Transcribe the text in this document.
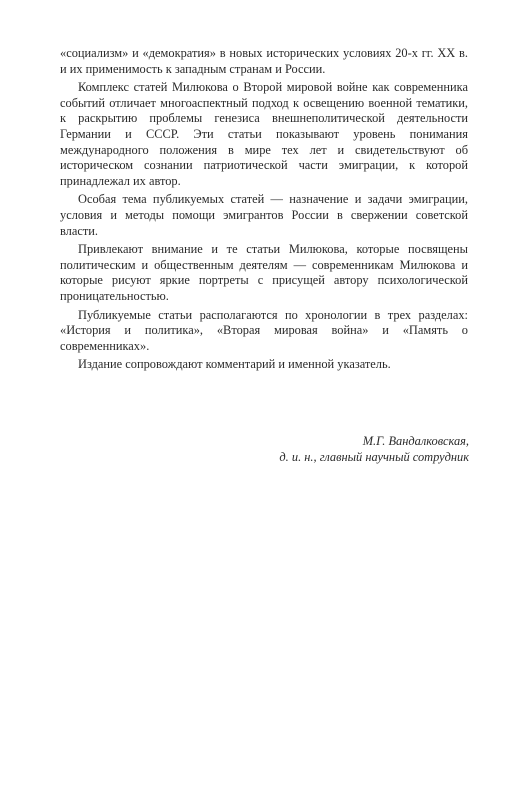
«социализм» и «демократия» в новых исторических условиях 20-х гг. XX в. и их применимость к западным странам и России.

Комплекс статей Милюкова о Второй мировой войне как современника событий отличает многоаспектный подход к освещению военной тематики, к раскрытию проблемы генезиса внешнеполитической деятельности Германии и СССР. Эти статьи показывают уровень понимания международного положения в мире тех лет и свидетельствуют об историческом сознании патриотической части эмиграции, к которой принадлежал их автор.

Особая тема публикуемых статей — назначение и задачи эмиграции, условия и методы помощи эмигрантов России в свержении советской власти.

Привлекают внимание и те статьи Милюкова, которые посвящены политическим и общественным деятелям — современникам Милюкова и которые рисуют яркие портреты с присущей автору психологической проницательностью.

Публикуемые статьи располагаются по хронологии в трех разделах: «История и политика», «Вторая мировая война» и «Память о современниках».

Издание сопровождают комментарий и именной указатель.

М.Г. Вандалковская,
д. и. н., главный научный сотрудник
